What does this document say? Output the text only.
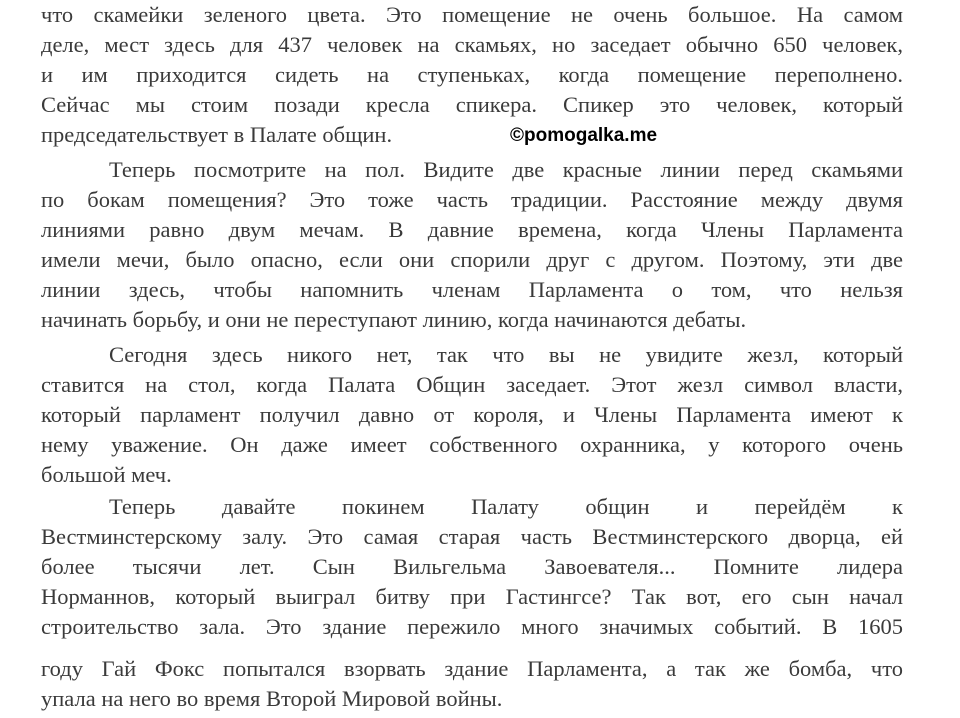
что скамейки зеленого цвета. Это помещение не очень большое. На самом
деле, мест здесь для 437 человек на скамьях, но заседает обычно 650 человек,
и им приходится сидеть на ступеньках, когда помещение переполнено.
Сейчас мы стоим позади кресла спикера. Спикер это человек, который
председательствует в Палате общин.
Теперь посмотрите на пол. Видите две красные линии перед скамьями
по бокам помещения? Это тоже часть традиции. Расстояние между двумя
линиями равно двум мечам. В давние времена, когда Члены Парламента
имели мечи, было опасно, если они спорили друг с другом. Поэтому, эти две
линии здесь, чтобы напомнить членам Парламента о том, что нельзя
начинать борьбу, и они не переступают линию, когда начинаются дебаты.
Сегодня здесь никого нет, так что вы не увидите жезл, который
ставится на стол, когда Палата Общин заседает. Этот жезл символ власти,
который парламент получил давно от короля, и Члены Парламента имеют к
нему уважение. Он даже имеет собственного охранника, у которого очень
большой меч.
Теперь давайте покинем Палату общин и перейдём к
Вестминстерскому залу. Это самая старая часть Вестминстерского дворца, ей
более тысячи лет. Сын Вильгельма Завоевателя... Помните лидера
Норманнов, который выиграл битву при Гастингсе? Так вот, его сын начал
строительство зала. Это здание пережило много значимых событий. В 1605
году Гай Фокс попытался взорвать здание Парламента, а так же бомба, что
упала на него во время Второй Мировой войны.
©pomogalka.me
